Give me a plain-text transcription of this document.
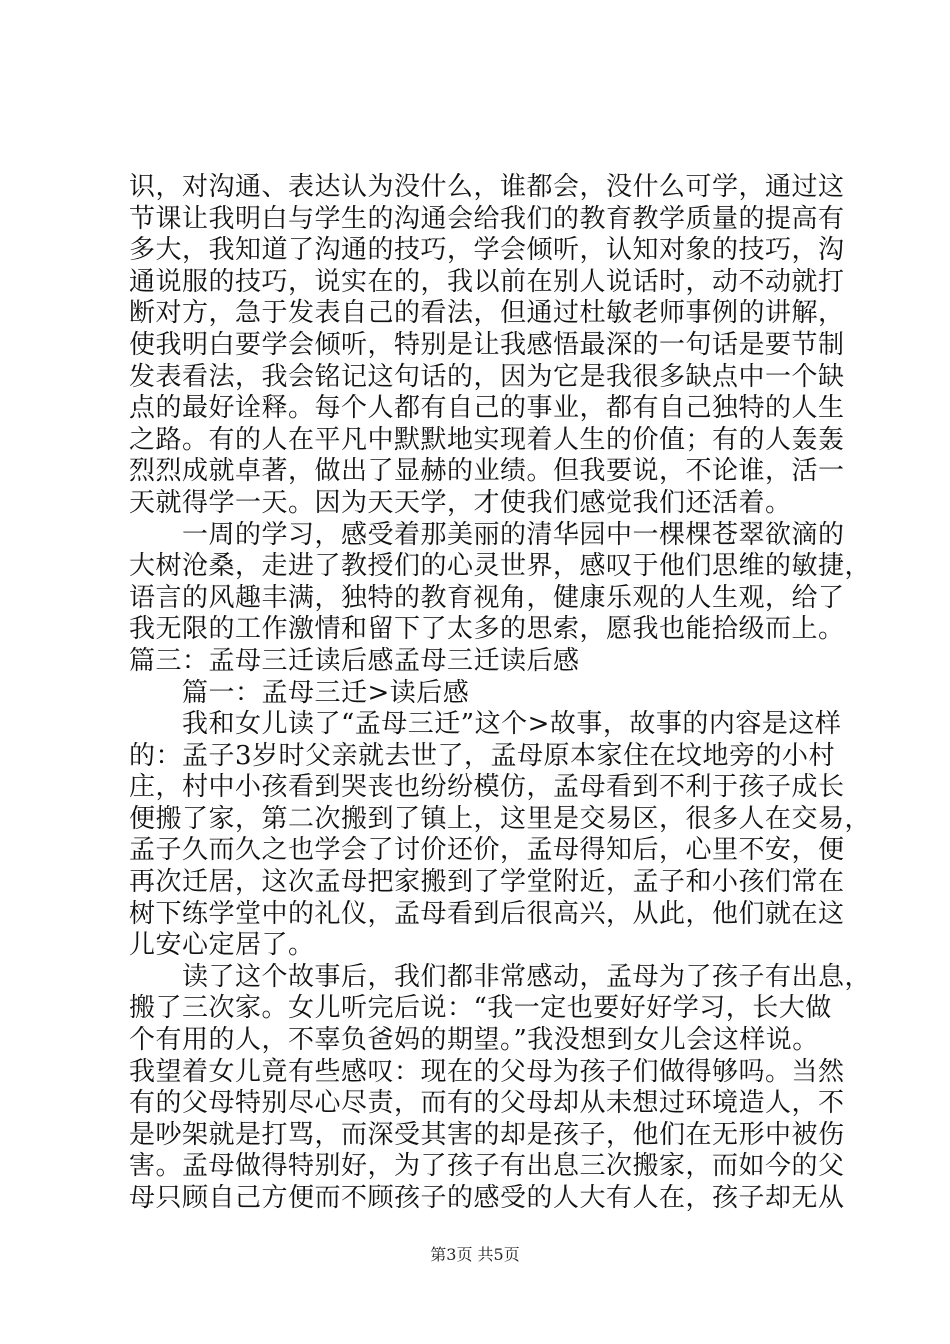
识，对沟通、表达认为没什么，谁都会，没什么可学，通过这
节课让我明白与学生的沟通会给我们的教育教学质量的提高有
多大，我知道了沟通的技巧，学会倾听，认知对象的技巧，沟
通说服的技巧，说实在的，我以前在别人说话时，动不动就打
断对方，急于发表自己的看法，但通过杜敏老师事例的讲解，
使我明白要学会倾听，特别是让我感悟最深的一句话是要节制
发表看法，我会铭记这句话的，因为它是我很多缺点中一个缺
点的最好诠释。每个人都有自己的事业，都有自己独特的人生
之路。有的人在平凡中默默地实现着人生的价值；有的人轰轰
烈烈成就卓著，做出了显赫的业绩。但我要说，不论谁，活一
天就得学一天。因为天天学，才使我们感觉我们还活着。
　　一周的学习，感受着那美丽的清华园中一棵棵苍翠欲滴的
大树沧桑，走进了教授们的心灵世界，感叹于他们思维的敏捷，
语言的风趣丰满，独特的教育视角，健康乐观的人生观，给了
我无限的工作激情和留下了太多的思索，愿我也能拾级而上。
篇三：孟母三迁读后感孟母三迁读后感
　　篇一：孟母三迁>读后感
　　我和女儿读了“孟母三迁”这个>故事，故事的内容是这样
的：孟子3岁时父亲就去世了，孟母原本家住在坟地旁的小村
庄，村中小孩看到哭丧也纷纷模仿，孟母看到不利于孩子成长
便搬了家，第二次搬到了镇上，这里是交易区，很多人在交易，
孟子久而久之也学会了讨价还价，孟母得知后，心里不安，便
再次迁居，这次孟母把家搬到了学堂附近，孟子和小孩们常在
树下练学堂中的礼仪，孟母看到后很高兴，从此，他们就在这
儿安心定居了。
　　读了这个故事后，我们都非常感动，孟母为了孩子有出息，
搬了三次家。女儿听完后说：“我一定也要好好学习，长大做
个有用的人，不辜负爸妈的期望。”我没想到女儿会这样说。
我望着女儿竟有些感叹：现在的父母为孩子们做得够吗。当然
有的父母特别尽心尽责，而有的父母却从未想过环境造人，不
是吵架就是打骂，而深受其害的却是孩子，他们在无形中被伤
害。孟母做得特别好，为了孩子有出息三次搬家，而如今的父
母只顾自己方便而不顾孩子的感受的人大有人在，孩子却无从
第3页 共5页
